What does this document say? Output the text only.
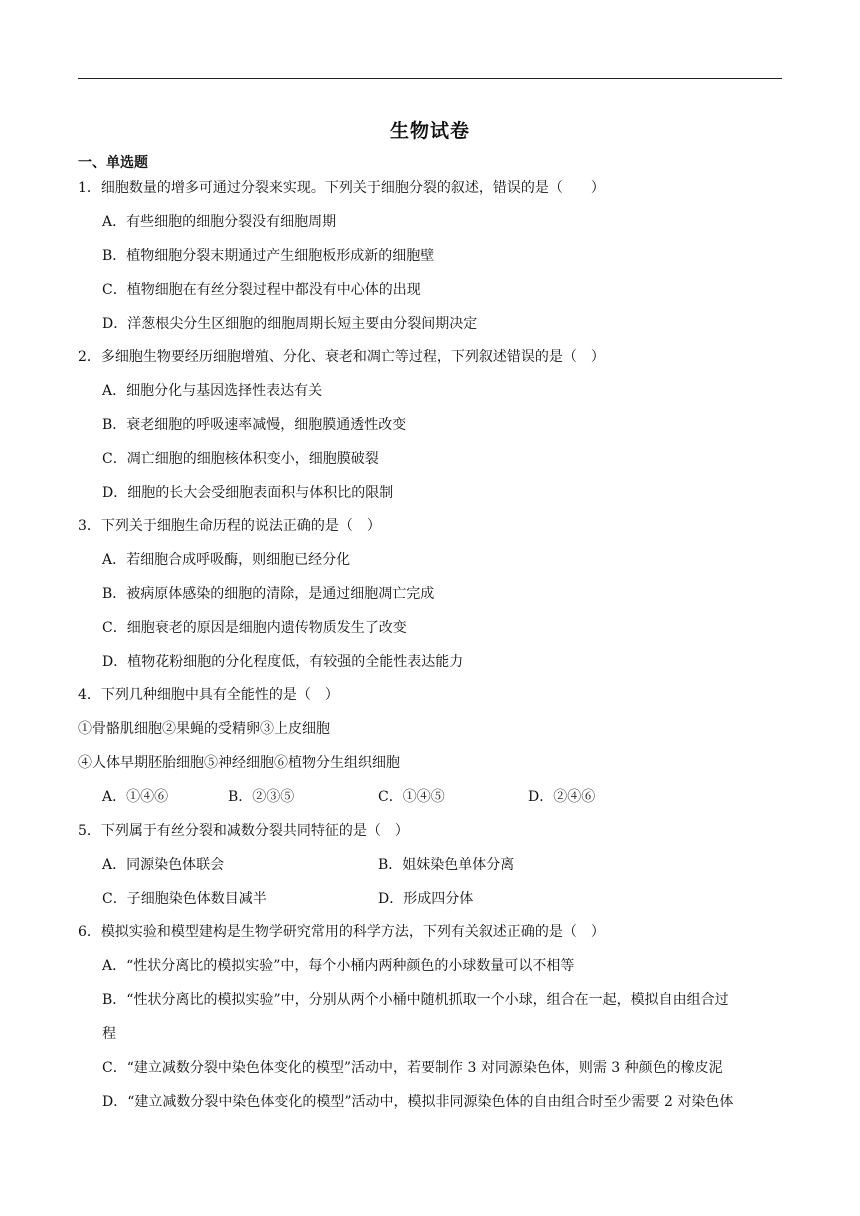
生物试卷
一、单选题
1．细胞数量的增多可通过分裂来实现。下列关于细胞分裂的叙述，错误的是（　　）
A．有些细胞的细胞分裂没有细胞周期
B．植物细胞分裂末期通过产生细胞板形成新的细胞壁
C．植物细胞在有丝分裂过程中都没有中心体的出现
D．洋葱根尖分生区细胞的细胞周期长短主要由分裂间期决定
2．多细胞生物要经历细胞增殖、分化、衰老和凋亡等过程，下列叙述错误的是（　）
A．细胞分化与基因选择性表达有关
B．衰老细胞的呼吸速率减慢，细胞膜通透性改变
C．凋亡细胞的细胞核体积变小，细胞膜破裂
D．细胞的长大会受细胞表面积与体积比的限制
3．下列关于细胞生命历程的说法正确的是（　）
A．若细胞合成呼吸酶，则细胞已经分化
B．被病原体感染的细胞的清除，是通过细胞凋亡完成
C．细胞衰老的原因是细胞内遗传物质发生了改变
D．植物花粉细胞的分化程度低，有较强的全能性表达能力
4．下列几种细胞中具有全能性的是（　）
①骨骼肌细胞②果蝇的受精卵③上皮细胞
④人体早期胚胎细胞⑤神经细胞⑥植物分生组织细胞
A．①④⑥	B．②③⑤	C．①④⑤	D．②④⑥
5．下列属于有丝分裂和减数分裂共同特征的是（　）
A．同源染色体联会	B．姐妹染色单体分离
C．子细胞染色体数目减半	D．形成四分体
6．模拟实验和模型建构是生物学研究常用的科学方法，下列有关叙述正确的是（　）
A．“性状分离比的模拟实验”中，每个小桶内两种颜色的小球数量可以不相等
B．“性状分离比的模拟实验”中，分别从两个小桶中随机抓取一个小球，组合在一起，模拟自由组合过
程
C．“建立减数分裂中染色体变化的模型”活动中，若要制作 3 对同源染色体，则需 3 种颜色的橡皮泥
D．“建立减数分裂中染色体变化的模型”活动中，模拟非同源染色体的自由组合时至少需要 2 对染色体
